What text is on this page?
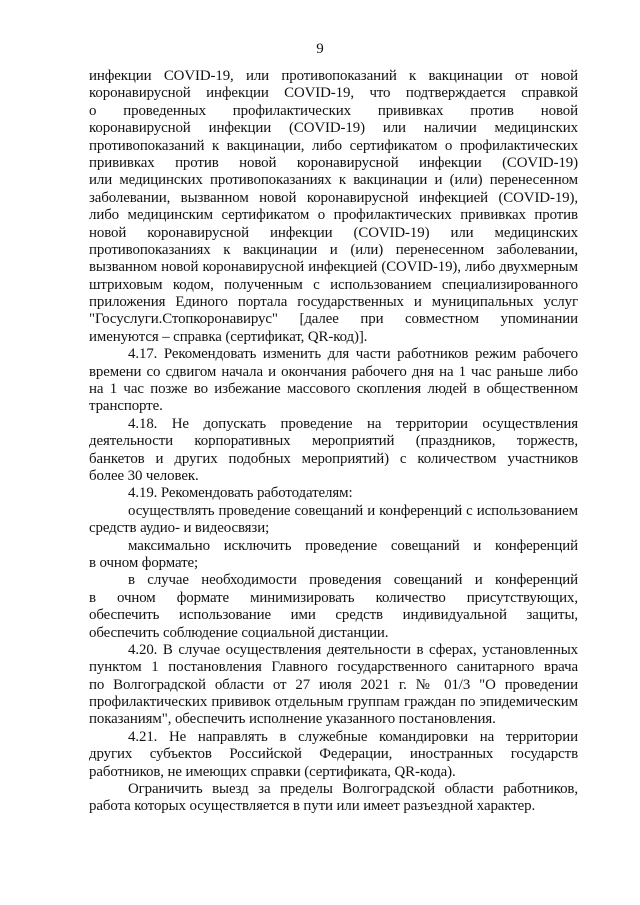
9
инфекции COVID-19, или противопоказаний к вакцинации от новой
коронавирусной инфекции COVID-19, что подтверждается справкой
о проведенных профилактических прививках против новой
коронавирусной инфекции (COVID-19) или наличии медицинских
противопоказаний к вакцинации, либо сертификатом о профилактических
прививках против новой коронавирусной инфекции (COVID-19)
или медицинских противопоказаниях к вакцинации и (или) перенесенном
заболевании, вызванном новой коронавирусной инфекцией (COVID-19),
либо медицинским сертификатом о профилактических прививках против
новой коронавирусной инфекции (COVID-19) или медицинских
противопоказаниях к вакцинации и (или) перенесенном заболевании,
вызванном новой коронавирусной инфекцией (COVID-19), либо двухмерным
штриховым кодом, полученным с использованием специализированного
приложения Единого портала государственных и муниципальных услуг
"Госуслуги.Стопкоронавирус" [далее при совместном упоминании
именуются – справка (сертификат, QR-код)].
4.17. Рекомендовать изменить для части работников режим рабочего
времени со сдвигом начала и окончания рабочего дня на 1 час раньше либо
на 1 час позже во избежание массового скопления людей в общественном
транспорте.
4.18. Не допускать проведение на территории осуществления
деятельности корпоративных мероприятий (праздников, торжеств,
банкетов и других подобных мероприятий) с количеством участников
более 30 человек.
4.19. Рекомендовать работодателям:
осуществлять проведение совещаний и конференций с использованием
средств аудио- и видеосвязи;
максимально исключить проведение совещаний и конференций
в очном формате;
в случае необходимости проведения совещаний и конференций
в очном формате минимизировать количество присутствующих,
обеспечить использование ими средств индивидуальной защиты,
обеспечить соблюдение социальной дистанции.
4.20. В случае осуществления деятельности в сферах, установленных
пунктом 1 постановления Главного государственного санитарного врача
по Волгоградской области от 27 июля 2021 г. № 01/3 "О проведении
профилактических прививок отдельным группам граждан по эпидемическим
показаниям", обеспечить исполнение указанного постановления.
4.21. Не направлять в служебные командировки на территории
других субъектов Российской Федерации, иностранных государств
работников, не имеющих справки (сертификата, QR-кода).
Ограничить выезд за пределы Волгоградской области работников,
работа которых осуществляется в пути или имеет разъездной характер.
